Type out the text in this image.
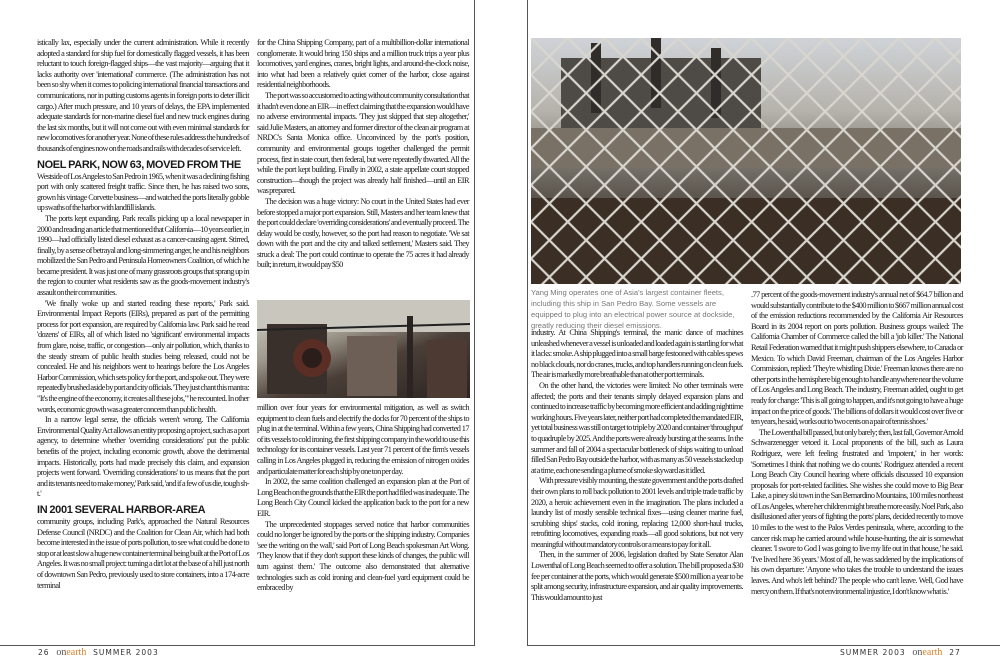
istically lax, especially under the current administration. While it recently adopted a standard for ship fuel for domestically flagged vessels, it has been reluctant to touch foreign-flagged ships—the vast majority—arguing that it lacks authority over 'international' commerce. (The administration has not been so shy when it comes to policing international financial transactions and communications, nor in putting customs agents in foreign ports to deter illicit cargo.) After much pressure, and 10 years of delays, the EPA implemented adequate standards for non-marine diesel fuel and new truck engines during the last six months, but it will not come out with even minimal standards for new locomotives for another year. None of these rules address the hundreds of thousands of engines now on the roads and rails with decades of service left.

NOEL PARK, NOW 63, MOVED FROM THE

Westside of Los Angeles to San Pedro in 1965, when it was a declining fishing port with only scattered freight traffic. Since then, he has raised two sons, grown his vintage Corvette business—and watched the ports literally gobble up swaths of the harbor with landfill islands.

The ports kept expanding. Park recalls picking up a local newspaper in 2000 and reading an article that mentioned that California—10 years earlier, in 1990—had officially listed diesel exhaust as a cancer-causing agent. Stirred, finally, by a sense of betrayal and long-simmering anger, he and his neighbors mobilized the San Pedro and Peninsula Homeowners Coalition, of which he became president. It was just one of many grassroots groups that sprang up in the region to counter what residents saw as the goods-movement industry's assault on their communities.

'We finally woke up and started reading these reports,' Park said. Environmental Impact Reports (EIRs), prepared as part of the permitting process for port expansion, are required by California law. Park said he read 'dozens' of EIRs, all of which listed no 'significant' environmental impacts from glare, noise, traffic, or congestion—only air pollution, which, thanks to the steady stream of public health studies being released, could not be concealed. He and his neighbors went to hearings before the Los Angeles Harbor Commission, which sets policy for the port, and spoke out. They were repeatedly brushed aside by port and city officials. 'They just chant this mantra: "It's the engine of the economy, it creates all these jobs,"' he recounted. In other words, economic growth was a greater concern than public health.

In a narrow legal sense, the officials weren't wrong. The California Environmental Quality Act allows an entity proposing a project, such as a port agency, to determine whether 'overriding considerations' put the public benefits of the project, including economic growth, above the detrimental impacts. Historically, ports had made precisely this claim, and expansion projects went forward. 'Overriding considerations' to us means that the port and its tenants need to make money,' Park said, 'and if a few of us die, tough sh-t.'

IN 2001 SEVERAL HARBOR-AREA

community groups, including Park's, approached the Natural Resources Defense Council (NRDC) and the Coalition for Clean Air, which had both become interested in the issue of ports pollution, to see what could be done to stop or at least slow a huge new container terminal being built at the Port of Los Angeles. It was no small project: turning a dirt lot at the base of a hill just north of downtown San Pedro, previously used to store containers, into a 174-acre terminal

for the China Shipping Company, part of a multibillion-dollar international conglomerate. It would bring 150 ships and a million truck trips a year plus locomotives, yard engines, cranes, bright lights, and around-the-clock noise, into what had been a relatively quiet corner of the harbor, close against residential neighborhoods.

The port was so accustomed to acting without community consultation that it hadn't even done an EIR—in effect claiming that the expansion would have no adverse environmental impacts. 'They just skipped that step altogether,' said Julie Masters, an attorney and former director of the clean air program at NRDC's Santa Monica office. Unconvinced by the port's position, community and environmental groups together challenged the permit process, first in state court, then federal, but were repeatedly thwarted. All the while the port kept building. Finally in 2002, a state appellate court stopped construction—though the project was already half finished—until an EIR was prepared.

The decision was a huge victory: No court in the United States had ever before stopped a major port expansion. Still, Masters and her team knew that the port could declare 'overriding considerations' and eventually proceed. The delay would be costly, however, so the port had reason to negotiate. 'We sat down with the port and the city and talked settlement,' Masters said. They struck a deal: The port could continue to operate the 75 acres it had already built; in return, it would pay $50

million over four years for environmental mitigation, as well as switch equipment to clean fuels and electrify the docks for 70 percent of the ships to plug in at the terminal. Within a few years, China Shipping had converted 17 of its vessels to cold ironing, the first shipping company in the world to use this technology for its container vessels. Last year 71 percent of the firm's vessels calling in Los Angeles plugged in, reducing the emission of nitrogen oxides and particulate matter for each ship by one ton per day.

In 2002, the same coalition challenged an expansion plan at the Port of Long Beach on the grounds that the EIR the port had filed was inadequate. The Long Beach City Council kicked the application back to the port for a new EIR.

The unprecedented stoppages served notice that harbor communities could no longer be ignored by the ports or the shipping industry. Companies 'see the writing on the wall,' said Port of Long Beach spokesman Art Wong. 'They know that if they don't support these kinds of changes, the public will turn against them.' The outcome also demonstrated that alternative technologies such as cold ironing and clean-fuel yard equipment could be embraced by

26 onearth SUMMER 2003
Yang Ming operates one of Asia's largest container fleets, including this ship in San Pedro Bay. Some vessels are equipped to plug into an electrical power source at dockside, greatly reducing their diesel emissions.

industry. At China Shipping's terminal, the manic dance of machines unleashed whenever a vessel is unloaded and loaded again is startling for what it lacks: smoke. A ship plugged into a small barge festooned with cables spews no black clouds, nor do cranes, trucks, and top handlers running on clean fuels. The air is markedly more breathable than at other port terminals.

On the other hand, the victories were limited: No other terminals were affected; the ports and their tenants simply delayed expansion plans and continued to increase traffic by becoming more efficient and adding nighttime working hours. Five years later, neither port had completed the mandated EIR, yet total business was still on target to triple by 2020 and container 'throughput' to quadruple by 2025. And the ports were already bursting at the seams. In the summer and fall of 2004 a spectacular bottleneck of ships waiting to unload filled San Pedro Bay outside the harbor, with as many as 50 vessels stacked up at a time, each one sending a plume of smoke skyward as it idled.

With pressure visibly mounting, the state government and the ports drafted their own plans to roll back pollution to 2001 levels and triple trade traffic by 2020, a heroic achievement even in the imagination. The plans included a laundry list of mostly sensible technical fixes—using cleaner marine fuel, scrubbing ships' stacks, cold ironing, replacing 12,000 short-haul trucks, retrofitting locomotives, expanding roads—all good solutions, but not very meaningful without mandatory controls or a means to pay for it all.

Then, in the summer of 2006, legislation drafted by State Senator Alan Lowenthal of Long Beach seemed to offer a solution. The bill proposed a $30 fee per container at the ports, which would generate $500 million a year to be split among security, infrastructure expansion, and air quality improvements. This would amount to just

.77 percent of the goods-movement industry's annual net of $64.7 billion and would substantially contribute to the $400 million to $667 million annual cost of the emission reductions recommended by the California Air Resources Board in its 2004 report on ports pollution. Business groups wailed: The California Chamber of Commerce called the bill a 'job killer.' The National Retail Federation warned that it might push shippers elsewhere, to Canada or Mexico. To which David Freeman, chairman of the Los Angeles Harbor Commission, replied: 'They're whistling Dixie.' Freeman knows there are no other ports in the hemisphere big enough to handle anywhere near the volume of Los Angeles and Long Beach. The industry, Freeman added, ought to get ready for change: 'This is all going to happen, and it's not going to have a huge impact on the price of goods.' The billions of dollars it would cost over five or ten years, he said, works out to 'two cents on a pair of tennis shoes.'

The Lowenthal bill passed, but only barely; then, last fall, Governor Arnold Schwarzenegger vetoed it. Local proponents of the bill, such as Laura Rodriguez, were left feeling frustrated and 'impotent,' in her words: 'Sometimes I think that nothing we do counts.' Rodriguez attended a recent Long Beach City Council hearing where officials discussed 10 expansion proposals for port-related facilities. She wishes she could move to Big Bear Lake, a piney ski town in the San Bernardino Mountains, 100 miles northeast of Los Angeles, where her children might breathe more easily. Noel Park, also disillusioned after years of fighting the ports' plans, decided recently to move 10 miles to the west to the Palos Verdes peninsula, where, according to the cancer risk map he carried around while house-hunting, the air is somewhat cleaner. 'I swore to God I was going to live my life out in that house,' he said. 'I've lived here 36 years.' Most of all, he was saddened by the implications of his own departure: 'Anyone who takes the trouble to understand the issues leaves. And who's left behind? The people who can't leave. Well, God have mercy on them. If that's not environmental injustice, I don't know what is.'

SUMMER 2003 onearth 27
